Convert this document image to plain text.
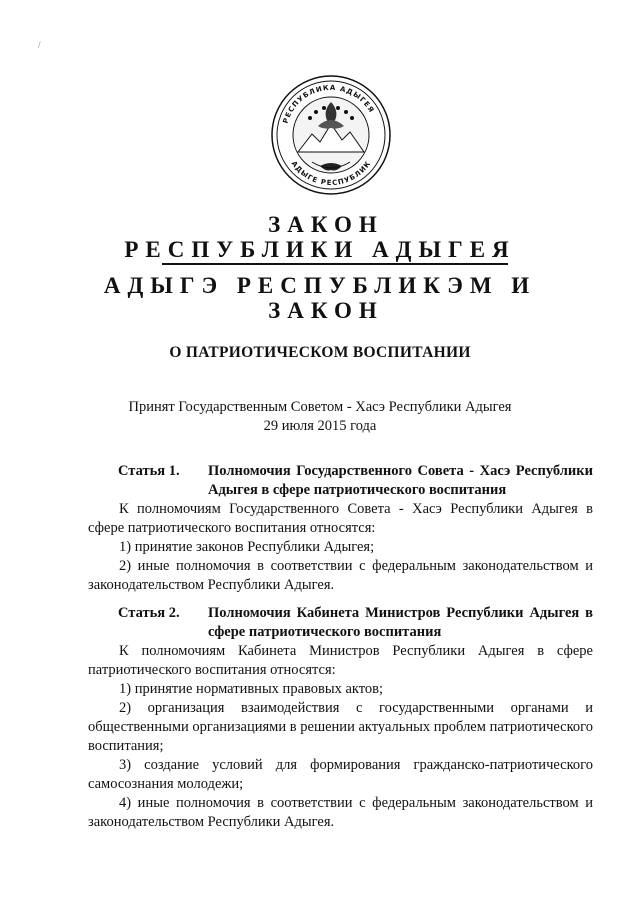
РЕСПУБЛИКА АДЫГЕЯ
АДЫГЕ РЕСПУБЛИК

ЗАКОН

РЕСПУБЛИКИ АДЫГЕЯ

АДЫГЭ РЕСПУБЛИКЭМ И

ЗАКОН

О ПАТРИОТИЧЕСКОМ ВОСПИТАНИИ
Принят Государственным Советом - Хасэ Республики Адыгея
29 июля 2015 года
Статья 1.	Полномочия Государственного Совета - Хасэ Республики Адыгея в сфере патриотического воспитания

К полномочиям Государственного Совета - Хасэ Республики Адыгея в сфере патриотического воспитания относятся:

1) принятие законов Республики Адыгея;

2) иные полномочия в соответствии с федеральным законодательством и законодательством Республики Адыгея.

Статья 2.	Полномочия Кабинета Министров Республики Адыгея в сфере патриотического воспитания

К полномочиям Кабинета Министров Республики Адыгея в сфере патриотического воспитания относятся:

1) принятие нормативных правовых актов;

2) организация взаимодействия с государственными органами и общественными организациями в решении актуальных проблем патриотического воспитания;

3) создание условий для формирования гражданско-патриотического самосознания молодежи;

4) иные полномочия в соответствии с федеральным законодательством и законодательством Республики Адыгея.

/
